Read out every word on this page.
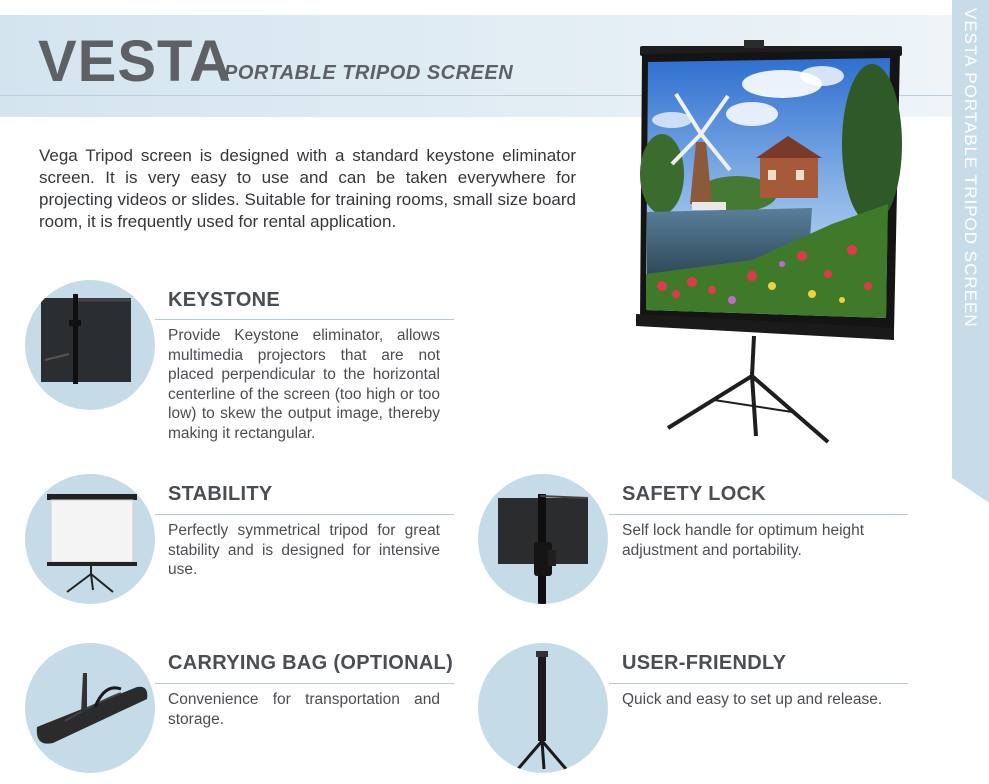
VESTA
PORTABLE TRIPOD SCREEN	VESTA PORTABLE TRIPOD SCREEN

Vega Tripod screen is designed with a standard keystone eliminator screen. It is very easy to use and can be taken everywhere for projecting videos or slides. Suitable for training rooms, small size board room, it is frequently used for rental application.

KEYSTONE

Provide Keystone eliminator, allows multimedia projectors that are not placed perpendicular to the horizontal centerline of the screen (too high or too low) to skew the output image, thereby making it rectangular.

STABILITY

Perfectly symmetrical tripod for great stability and is designed for intensive use.

SAFETY LOCK

Self lock handle for optimum height adjustment and portability.

CARRYING BAG (OPTIONAL)

Convenience for transportation and storage.

USER-FRIENDLY

Quick and easy to set up and release.
